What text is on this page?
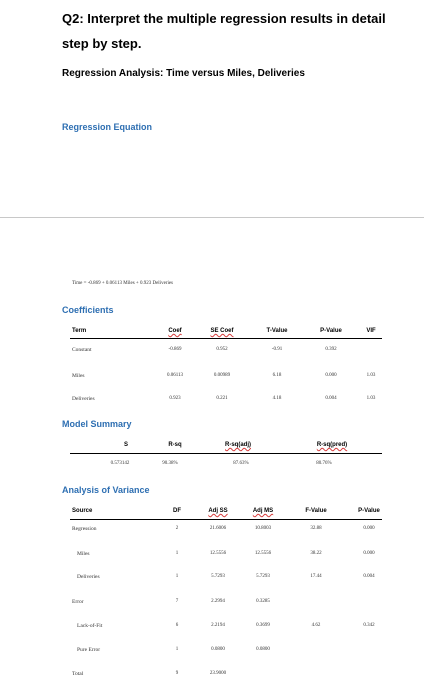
Q2: Interpret the multiple regression results in detail step by step.
Regression Analysis: Time versus Miles, Deliveries
Regression Equation
Time = -0.869 + 0.06113 Miles + 0.923 Deliveries
Coefficients
Term	Coef	SE Coef	T-Value	P-Value	VIF
Constant	-0.869	0.952	-0.91	0.392
Miles	0.06113	0.00989	6.18	0.000	1.03
Deliveries	0.923	0.221	4.18	0.004	1.03
Model Summary
S	R-sq	R-sq(adj)	R-sq(pred)
0.573142	90.38%	87.63%	80.76%
Analysis of Variance
Source	DF	Adj SS	Adj MS	F-Value	P-Value
Regression	2	21.6006	10.8003	32.88	0.000
Miles	1	12.5556	12.5556	38.22	0.000
Deliveries	1	5.7293	5.7293	17.44	0.004
Error	7	2.2994	0.3285
Lack-of-Fit	6	2.2194	0.3699	4.62	0.342
Pure Error	1	0.0800	0.0800
Total	9	23.9000
